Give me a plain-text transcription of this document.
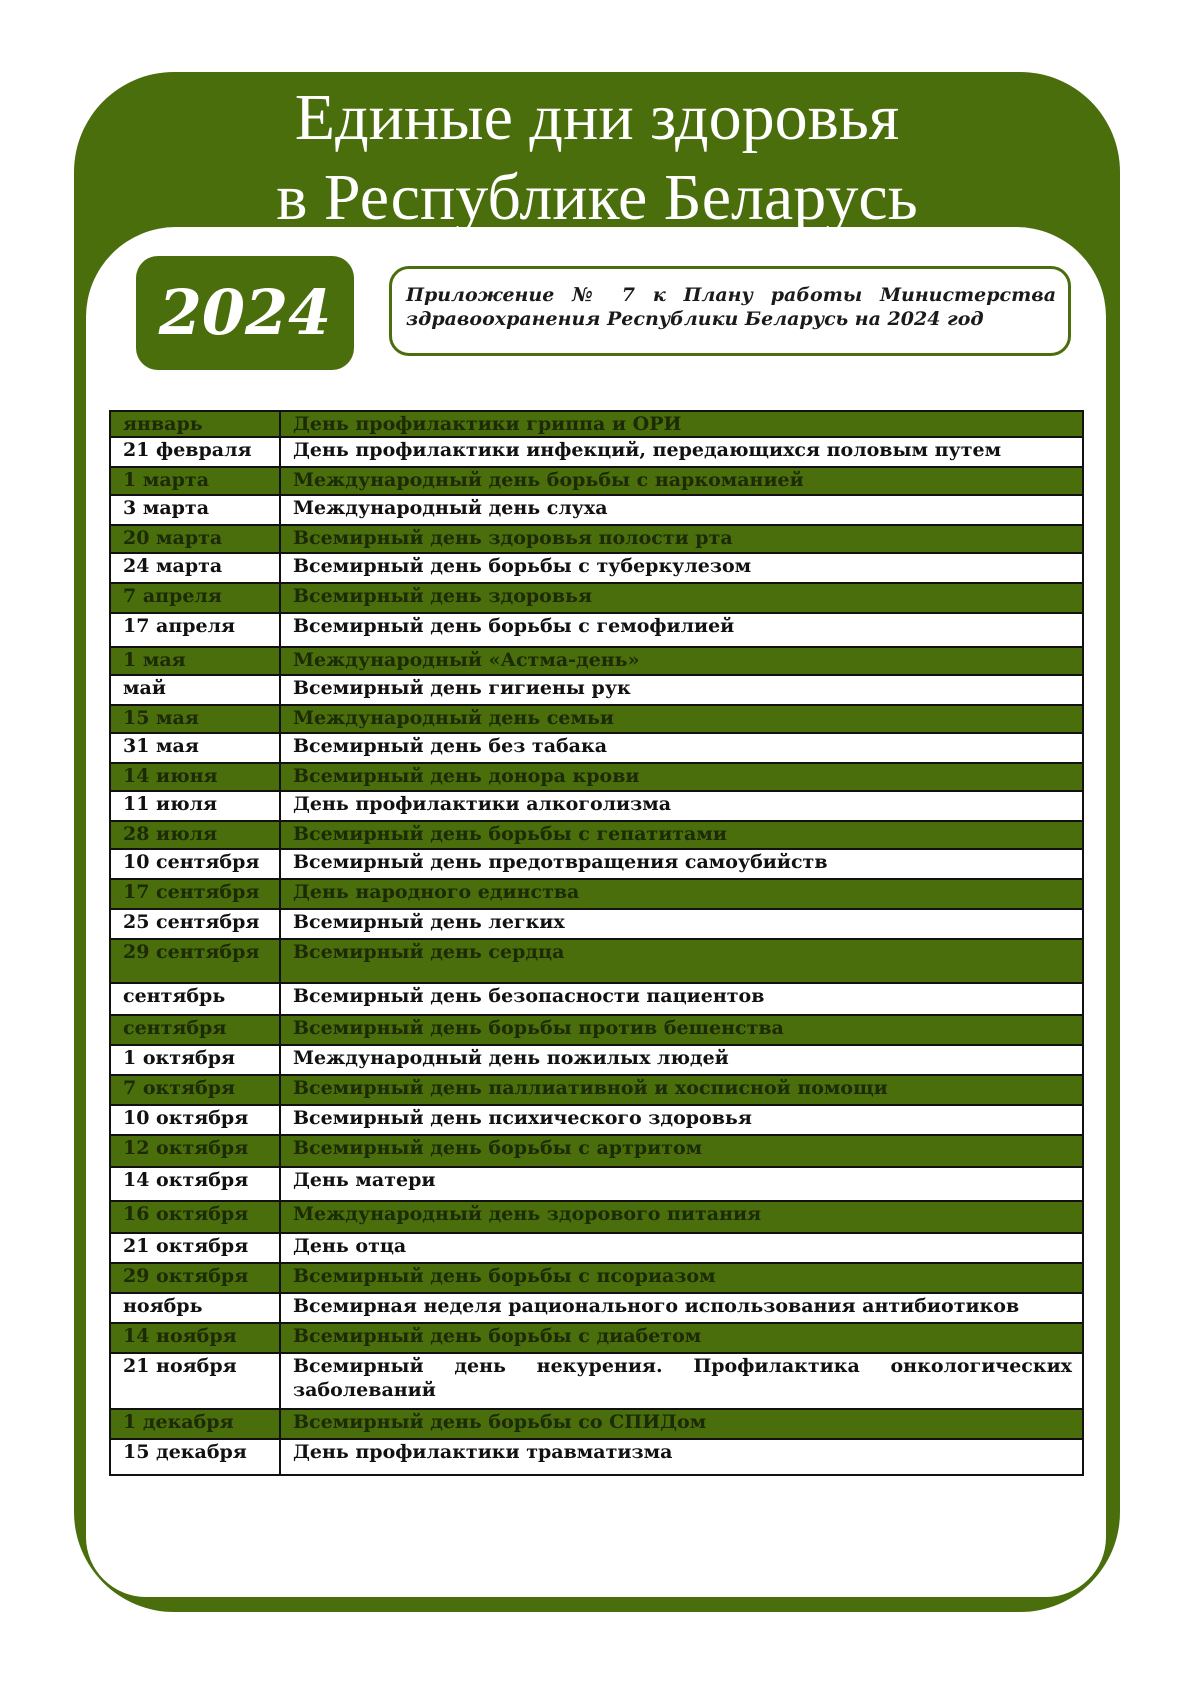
Единые дни здоровья
в Республике Беларусь
2024	Приложение № 7 к Плану работы Министерства
здравоохранения Республики Беларусь на 2024 год
январь	День профилактики гриппа и ОРИ
21 февраля	День профилактики инфекций, передающихся половым путем
1 марта	Международный день борьбы с наркоманией
3 марта	Международный день слуха
20 марта	Всемирный день здоровья полости рта
24 марта	Всемирный день борьбы с туберкулезом
7 апреля	Всемирный день здоровья
17 апреля	Всемирный день борьбы с гемофилией
1 мая	Международный «Астма-день»
май	Всемирный день гигиены рук
15 мая	Международный день семьи
31 мая	Всемирный день без табака
14 июня	Всемирный день донора крови
11 июля	День профилактики алкоголизма
28 июля	Всемирный день борьбы с гепатитами
10 сентября	Всемирный день предотвращения самоубийств
17 сентября	День народного единства
25 сентября	Всемирный день легких
29 сентября	Всемирный день сердца
сентябрь	Всемирный день безопасности пациентов
сентября	Всемирный день борьбы против бешенства
1 октября	Международный день пожилых людей
7 октября	Всемирный день паллиативной и хосписной помощи
10 октября	Всемирный день психического здоровья
12 октября	Всемирный день борьбы с артритом
14 октября	День матери
16 октября	Международный день здорового питания
21 октября	День отца
29 октября	Всемирный день борьбы с псориазом
ноябрь	Всемирная неделя рационального использования антибиотиков
14 ноября	Всемирный день борьбы с диабетом
21 ноября	Всемирный день некурения. Профилактика онкологических заболеваний
1 декабря	Всемирный день борьбы со СПИДом
15 декабря	День профилактики травматизма
